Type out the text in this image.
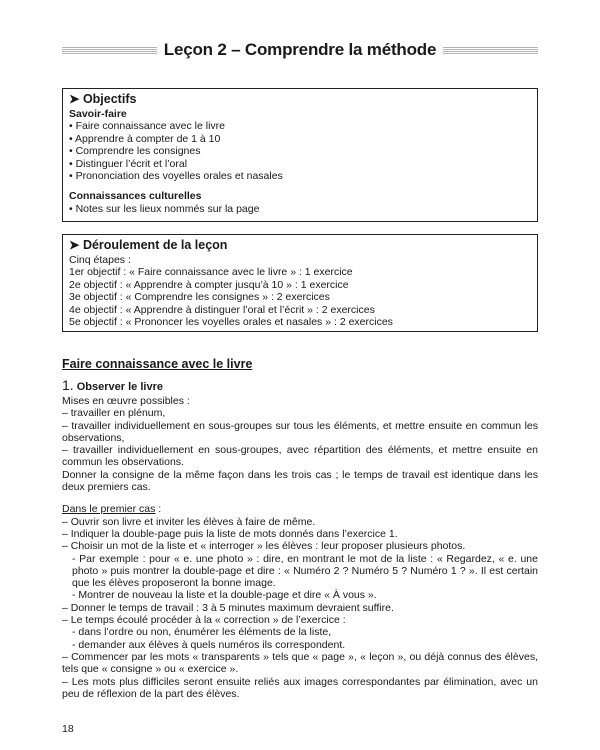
Leçon 2 – Comprendre la méthode
➤ Objectifs
Savoir-faire
• Faire connaissance avec le livre
• Apprendre à compter de 1 à 10
• Comprendre les consignes
• Distinguer l’écrit et l’oral
• Prononciation des voyelles orales et nasales
Connaissances culturelles
• Notes sur les lieux nommés sur la page
➤ Déroulement de la leçon
Cinq étapes :
1er objectif : « Faire connaissance avec le livre » : 1 exercice
2e objectif : « Apprendre à compter jusqu’à 10 » : 1 exercice
3e objectif : « Comprendre les consignes » : 2 exercices
4e objectif : « Apprendre à distinguer l’oral et l’écrit » : 2 exercices
5e objectif : « Prononcer les voyelles orales et nasales » : 2 exercices
Faire connaissance avec le livre
1. Observer le livre
Mises en œuvre possibles :
– travailler en plénum,
– travailler individuellement en sous-groupes sur tous les éléments, et mettre ensuite en commun les observations,
– travailler individuellement en sous-groupes, avec répartition des éléments, et mettre ensuite en commun les observations.
Donner la consigne de la même façon dans les trois cas ; le temps de travail est identique dans les deux premiers cas.
Dans le premier cas :
– Ouvrir son livre et inviter les élèves à faire de même.
– Indiquer la double-page puis la liste de mots donnés dans l’exercice 1.
– Choisir un mot de la liste et « interroger » les élèves : leur proposer plusieurs photos.
- Par exemple : pour « e. une photo » : dire, en montrant le mot de la liste : « Regardez, « e. une photo » puis montrer la double-page et dire : « Numéro 2 ? Numéro 5 ? Numéro 1 ? ». Il est certain que les élèves proposeront la bonne image.
- Montrer de nouveau la liste et la double-page et dire « À vous ».
– Donner le temps de travail : 3 à 5 minutes maximum devraient suffire.
– Le temps écoulé procéder à la « correction » de l’exercice :
- dans l’ordre ou non, énumérer les éléments de la liste,
- demander aux élèves à quels numéros ils correspondent.
– Commencer par les mots « transparents » tels que « page », « leçon », ou déjà connus des élèves, tels que « consigne » ou « exercice ».
– Les mots plus difficiles seront ensuite reliés aux images correspondantes par élimination, avec un peu de réflexion de la part des élèves.
18
